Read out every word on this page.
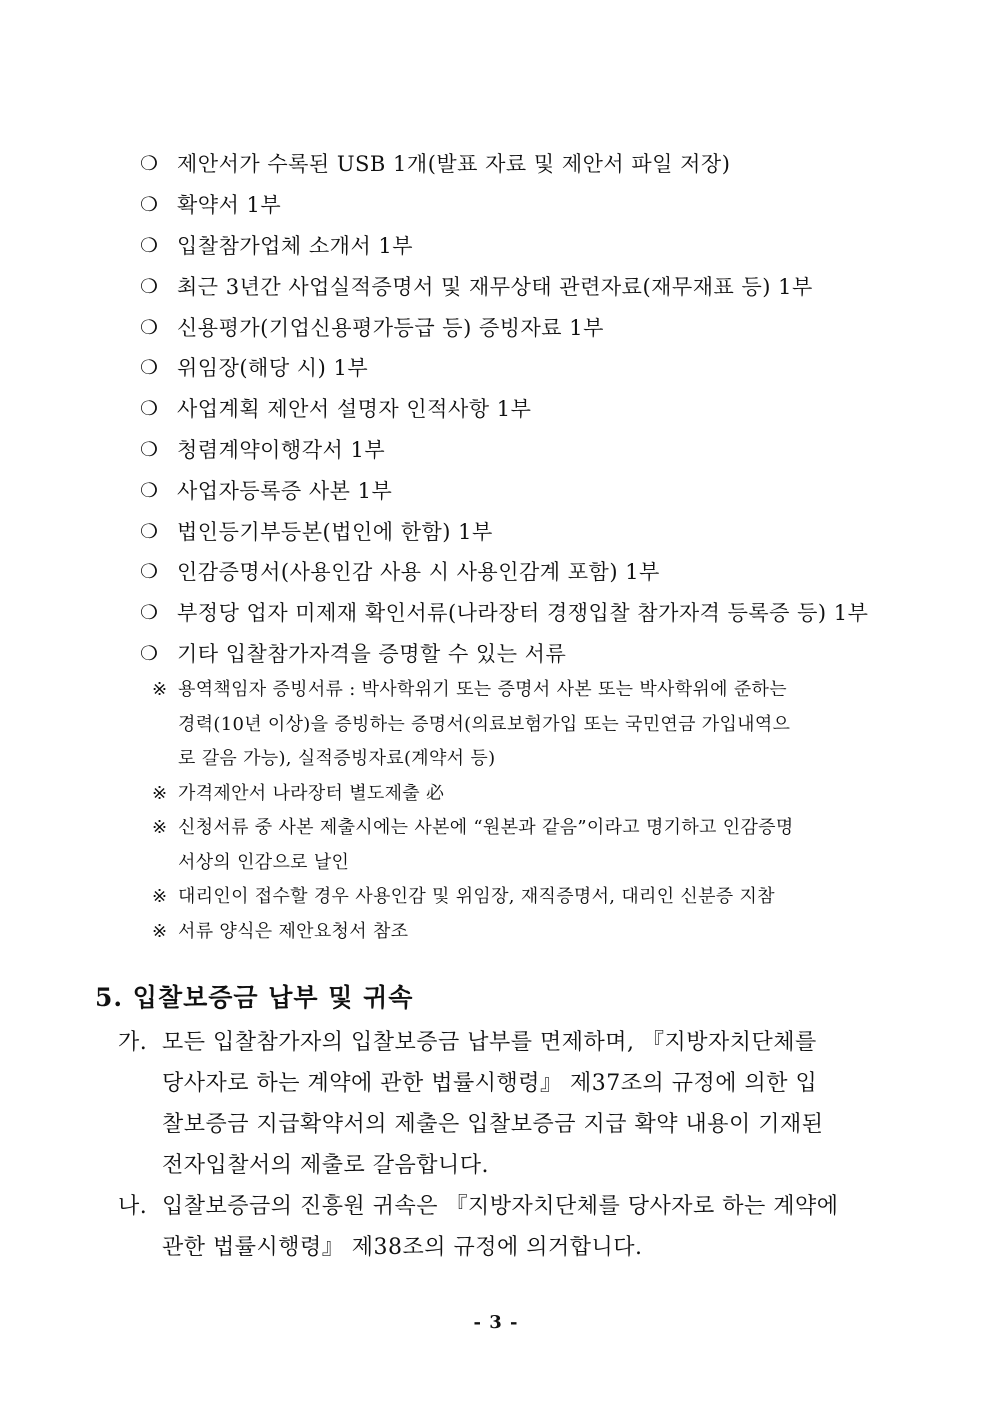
❍ 제안서가 수록된 USB 1개(발표 자료 및 제안서 파일 저장)
❍ 확약서 1부
❍ 입찰참가업체 소개서 1부
❍ 최근 3년간 사업실적증명서 및 재무상태 관련자료(재무재표 등) 1부
❍ 신용평가(기업신용평가등급 등) 증빙자료 1부
❍ 위임장(해당 시) 1부
❍ 사업계획 제안서 설명자 인적사항 1부
❍ 청렴계약이행각서 1부
❍ 사업자등록증 사본 1부
❍ 법인등기부등본(법인에 한함) 1부
❍ 인감증명서(사용인감 사용 시 사용인감계 포함) 1부
❍ 부정당 업자 미제재 확인서류(나라장터 경쟁입찰 참가자격 등록증 등) 1부
❍ 기타 입찰참가자격을 증명할 수 있는 서류
※ 용역책임자 증빙서류 : 박사학위기 또는 증명서 사본 또는 박사학위에 준하는
경력(10년 이상)을 증빙하는 증명서(의료보험가입 또는 국민연금 가입내역으
로 갈음 가능), 실적증빙자료(계약서 등)
※ 가격제안서 나라장터 별도제출 必
※ 신청서류 중 사본 제출시에는 사본에 “원본과 같음”이라고 명기하고 인감증명
서상의 인감으로 날인
※ 대리인이 접수할 경우 사용인감 및 위임장, 재직증명서, 대리인 신분증 지참
※ 서류 양식은 제안요청서 참조
5. 입찰보증금 납부 및 귀속
가. 모든 입찰참가자의 입찰보증금 납부를 면제하며, 『지방자치단체를
당사자로 하는 계약에 관한 법률시행령』 제37조의 규정에 의한 입
찰보증금 지급확약서의 제출은 입찰보증금 지급 확약 내용이 기재된
전자입찰서의 제출로 갈음합니다.
나. 입찰보증금의 진흥원 귀속은 『지방자치단체를 당사자로 하는 계약에
관한 법률시행령』 제38조의 규정에 의거합니다.
- 3 -
